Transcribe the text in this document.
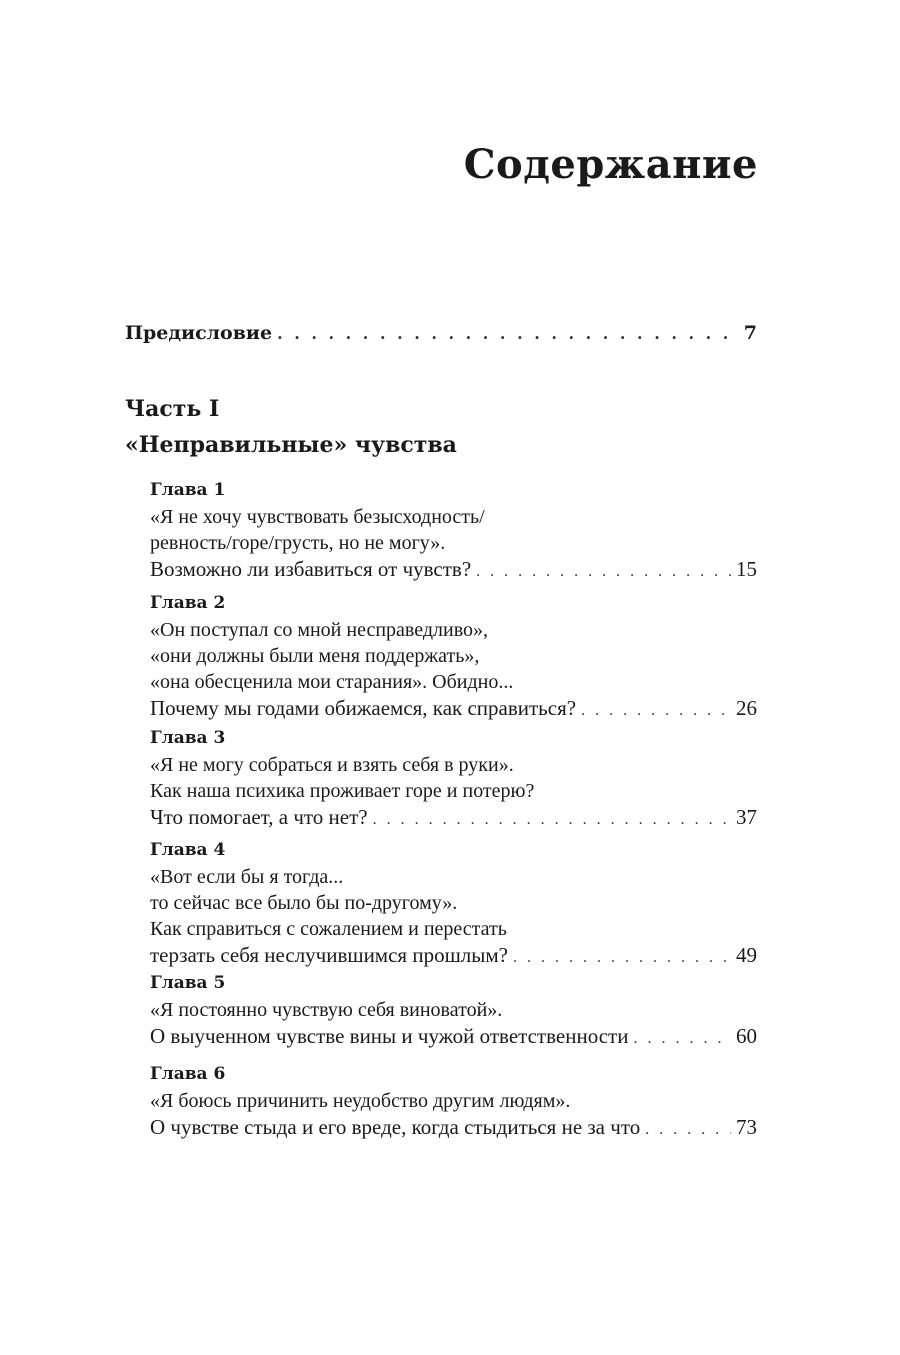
Содержание
Предисловие . . .	7

Часть I

«Неправильные» чувства

Глава 1

«Я не хочу чувствовать безысходность/

ревность/горе/грусть, но не могу».

Возможно ли избавиться от чувств? . . .	15

Глава 2

«Он поступал со мной несправедливо»,

«они должны были меня поддержать»,

«она обесценила мои старания». Обидно...

Почему мы годами обижаемся, как справиться? . . .	26

Глава 3

«Я не могу собраться и взять себя в руки».

Как наша психика проживает горе и потерю?

Что помогает, а что нет? . . .	37

Глава 4

«Вот если бы я тогда...

то сейчас все было бы по-другому».

Как справиться с сожалением и перестать

терзать себя неслучившимся прошлым? . . .	49

Глава 5

«Я постоянно чувствую себя виноватой».

О выученном чувстве вины и чужой ответственности . . .	60

Глава 6

«Я боюсь причинить неудобство другим людям».

О чувстве стыда и его вреде, когда стыдиться не за что . . .	73
